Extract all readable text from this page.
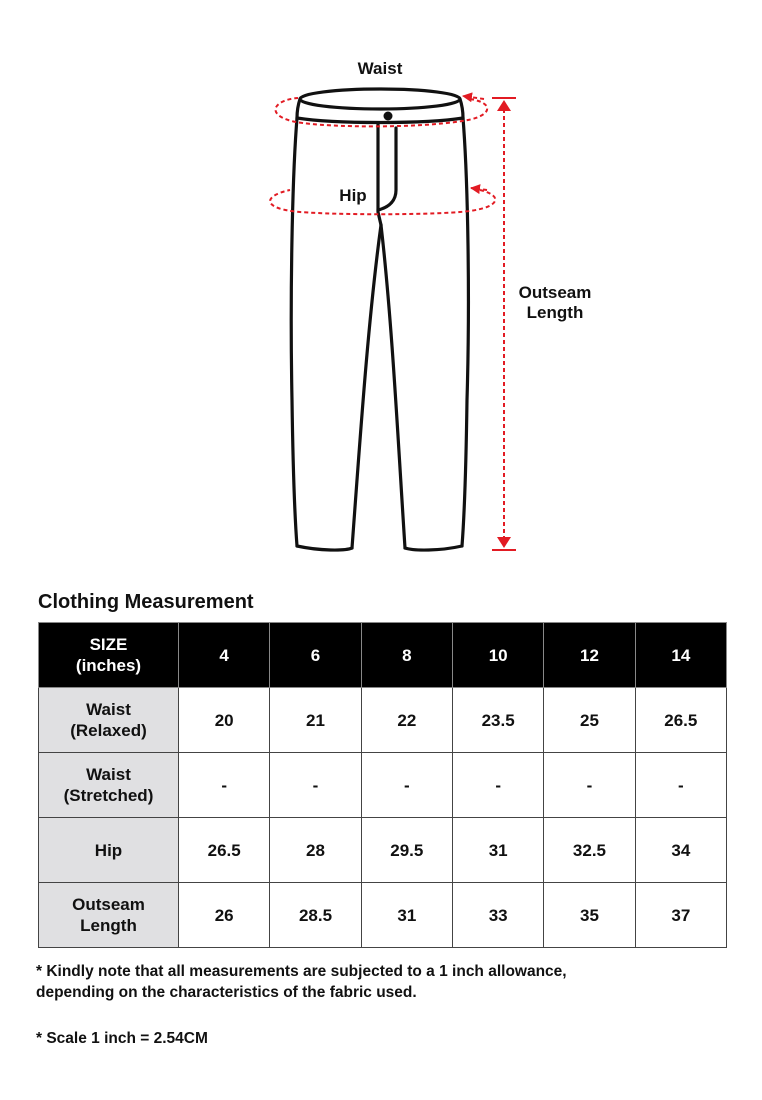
Waist
Hip
Outseam
Length
Clothing Measurement
SIZE
(inches)	4	6	8	10	12	14
Waist
(Relaxed)	20	21	22	23.5	25	26.5
Waist
(Stretched)	-	-	-	-	-	-
Hip	26.5	28	29.5	31	32.5	34
Outseam
Length	26	28.5	31	33	35	37

* Kindly note that all measurements are subjected to a 1 inch allowance,
depending on the characteristics of the fabric used.

* Scale 1 inch = 2.54CM
